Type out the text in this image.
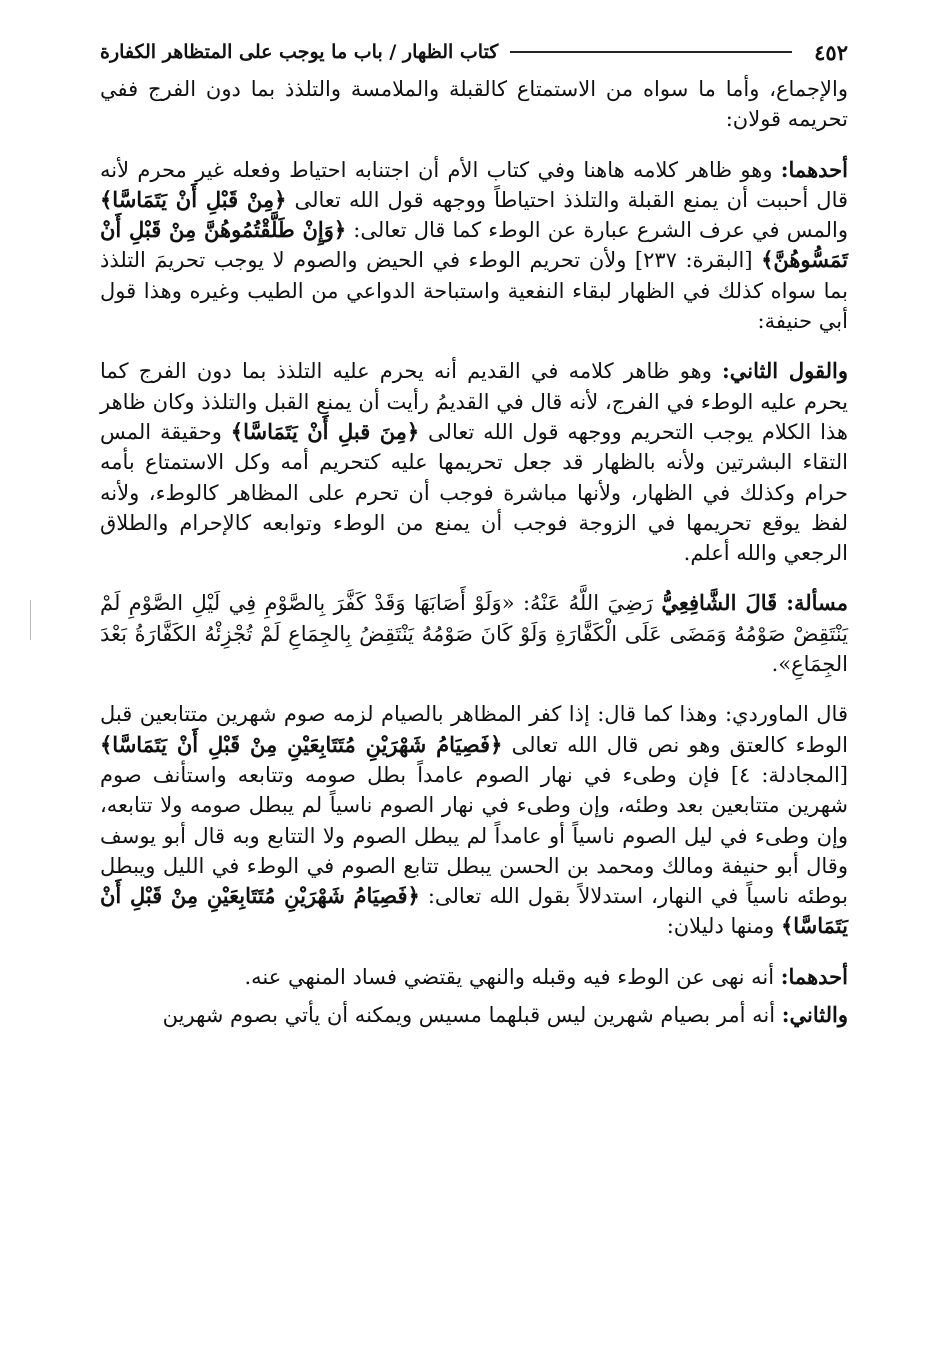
٤٥٢
كتاب الظهار / باب ما يوجب على المتظاهر الكفارة

والإجماع، وأما ما سواه من الاستمتاع كالقبلة والملامسة والتلذذ بما دون الفرج ففي تحريمه قولان:

أحدهما: وهو ظاهر كلامه هاهنا وفي كتاب الأم أن اجتنابه احتياط وفعله غير محرم لأنه قال أحببت أن يمنع القبلة والتلذذ احتياطاً ووجهه قول الله تعالى ﴿مِنْ قَبْلِ أَنْ يَتَمَاسَّا﴾ والمس في عرف الشرع عبارة عن الوطء كما قال تعالى: ﴿وَإِنْ طَلَّقْتُمُوهُنَّ مِنْ قَبْلِ أَنْ تَمَسُّوهُنَّ﴾ [البقرة: ٢٣٧] ولأن تحريم الوطء في الحيض والصوم لا يوجب تحريمَ التلذذ بما سواه كذلك في الظهار لبقاء النفعية واستباحة الدواعي من الطيب وغيره وهذا قول أبي حنيفة:

والقول الثاني: وهو ظاهر كلامه في القديم أنه يحرم عليه التلذذ بما دون الفرج كما يحرم عليه الوطء في الفرج، لأنه قال في القديمُ رأيت أن يمنع القبل والتلذذ وكان ظاهر هذا الكلام يوجب التحريم ووجهه قول الله تعالى ﴿مِنَ قبلِ أَنْ يَتَمَاسَّا﴾ وحقيقة المس التقاء البشرتين ولأنه بالظهار قد جعل تحريمها عليه كتحريم أمه وكل الاستمتاع بأمه حرام وكذلك في الظهار، ولأنها مباشرة فوجب أن تحرم على المظاهر كالوطء، ولأنه لفظ يوقع تحريمها في الزوجة فوجب أن يمنع من الوطء وتوابعه كالإحرام والطلاق الرجعي والله أعلم.

مسألة: قَالَ الشَّافِعِيُّ رَضِيَ اللَّهُ عَنْهُ: «وَلَوْ أَصَابَهَا وَقَدْ كَفَّرَ بِالصَّوْمِ فِي لَيْلِ الصَّوْمِ لَمْ يَنْتَقِضْ صَوْمُهُ وَمَضَى عَلَى الْكَفَّارَةِ وَلَوْ كَانَ صَوْمُهُ يَنْتَقِضُ بِالجِمَاعِ لَمْ تُجْزِئْهُ الكَفَّارَةُ بَعْدَ الجِمَاعِ».

قال الماوردي: وهذا كما قال: إذا كفر المظاهر بالصيام لزمه صوم شهرين متتابعين قبل الوطء كالعتق وهو نص قال الله تعالى ﴿فَصِيَامُ شَهْرَيْنِ مُتَتَابِعَيْنِ مِنْ قَبْلِ أَنْ يَتَمَاسَّا﴾ [المجادلة: ٤] فإن وطىء في نهار الصوم عامداً بطل صومه وتتابعه واستأنف صوم شهرين متتابعين بعد وطئه، وإن وطىء في نهار الصوم ناسياً لم يبطل صومه ولا تتابعه، وإن وطىء في ليل الصوم ناسياً أو عامداً لم يبطل الصوم ولا التتابع وبه قال أبو يوسف وقال أبو حنيفة ومالك ومحمد بن الحسن يبطل تتابع الصوم في الوطء في الليل ويبطل بوطئه ناسياً في النهار، استدلالاً بقول الله تعالى: ﴿فَصِيَامُ شَهْرَيْنِ مُتَتَابِعَيْنِ مِنْ قَبْلِ أَنْ يَتَمَاسَّا﴾ ومنها دليلان:

أحدهما: أنه نهى عن الوطء فيه وقبله والنهي يقتضي فساد المنهي عنه.

والثاني: أنه أمر بصيام شهرين ليس قبلهما مسيس ويمكنه أن يأتي بصوم شهرين
